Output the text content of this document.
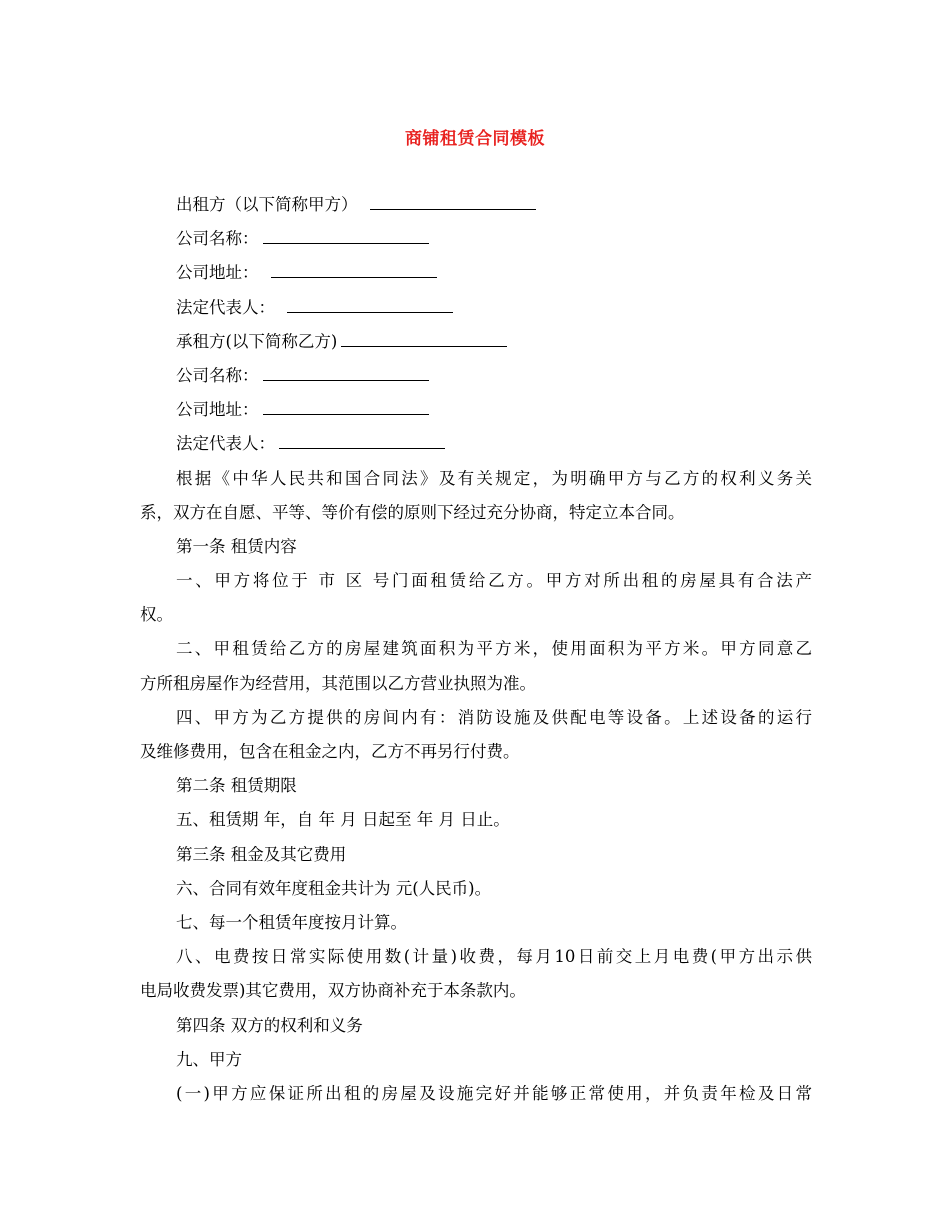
商铺租赁合同模板
出租方（以下简称甲方）
公司名称：
公司地址：
法定代表人：
承租方(以下简称乙方)
公司名称：
公司地址：
法定代表人：
根据《中华人民共和国合同法》及有关规定，为明确甲方与乙方的权利义务关
系，双方在自愿、平等、等价有偿的原则下经过充分协商，特定立本合同。
第一条 租赁内容
一、甲方将位于 市 区 号门面租赁给乙方。甲方对所出租的房屋具有合法产
权。
二、甲租赁给乙方的房屋建筑面积为平方米，使用面积为平方米。甲方同意乙
方所租房屋作为经营用，其范围以乙方营业执照为准。
四、甲方为乙方提供的房间内有：消防设施及供配电等设备。上述设备的运行
及维修费用，包含在租金之内，乙方不再另行付费。
第二条 租赁期限
五、租赁期 年，自 年 月 日起至 年 月 日止。
第三条 租金及其它费用
六、合同有效年度租金共计为 元(人民币)。
七、每一个租赁年度按月计算。
八、电费按日常实际使用数(计量)收费，每月10日前交上月电费(甲方出示供
电局收费发票)其它费用，双方协商补充于本条款内。
第四条 双方的权利和义务
九、甲方
(一)甲方应保证所出租的房屋及设施完好并能够正常使用，并负责年检及日常
